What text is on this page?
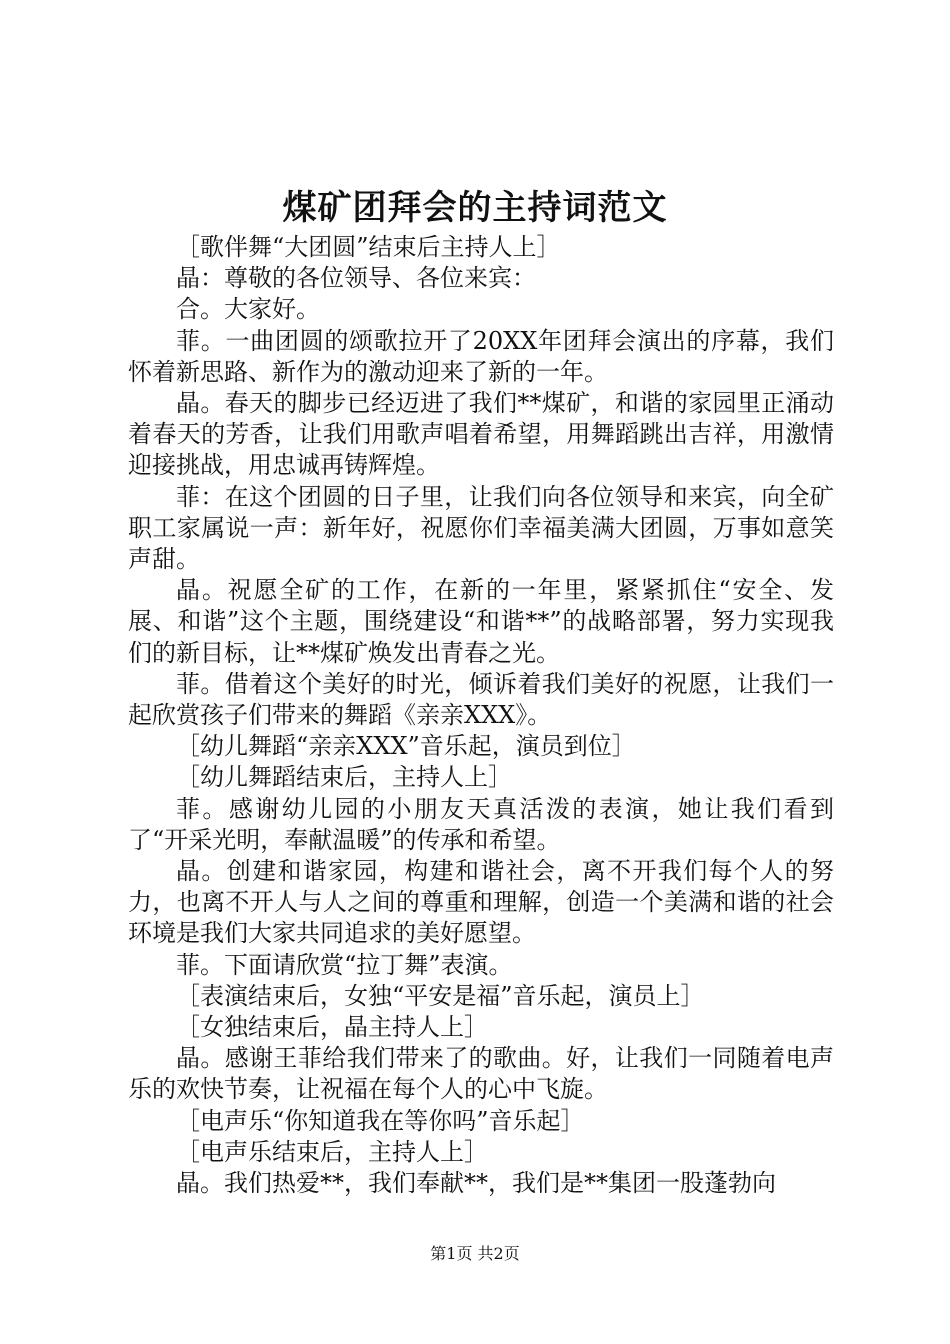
煤矿团拜会的主持词范文

［歌伴舞“大团圆”结束后主持人上］

晶：尊敬的各位领导、各位来宾：

合。大家好。

菲。一曲团圆的颂歌拉开了20XX年团拜会演出的序幕，我们怀着新思路、新作为的激动迎来了新的一年。

晶。春天的脚步已经迈进了我们**煤矿，和谐的家园里正涌动着春天的芳香，让我们用歌声唱着希望，用舞蹈跳出吉祥，用激情迎接挑战，用忠诚再铸辉煌。

菲：在这个团圆的日子里，让我们向各位领导和来宾，向全矿职工家属说一声：新年好，祝愿你们幸福美满大团圆，万事如意笑声甜。

晶。祝愿全矿的工作，在新的一年里，紧紧抓住“安全、发展、和谐”这个主题，围绕建设“和谐**”的战略部署，努力实现我们的新目标，让**煤矿焕发出青春之光。

菲。借着这个美好的时光，倾诉着我们美好的祝愿，让我们一起欣赏孩子们带来的舞蹈《亲亲XXX》。

［幼儿舞蹈“亲亲XXX”音乐起，演员到位］

［幼儿舞蹈结束后，主持人上］

菲。感谢幼儿园的小朋友天真活泼的表演，她让我们看到了“开采光明，奉献温暖”的传承和希望。

晶。创建和谐家园，构建和谐社会，离不开我们每个人的努力，也离不开人与人之间的尊重和理解，创造一个美满和谐的社会环境是我们大家共同追求的美好愿望。

菲。下面请欣赏“拉丁舞”表演。

［表演结束后，女独“平安是福”音乐起，演员上］

［女独结束后，晶主持人上］

晶。感谢王菲给我们带来了的歌曲。好，让我们一同随着电声乐的欢快节奏，让祝福在每个人的心中飞旋。

［电声乐“你知道我在等你吗”音乐起］

［电声乐结束后，主持人上］

晶。我们热爱**，我们奉献**，我们是**集团一股蓬勃向

第1页 共2页
